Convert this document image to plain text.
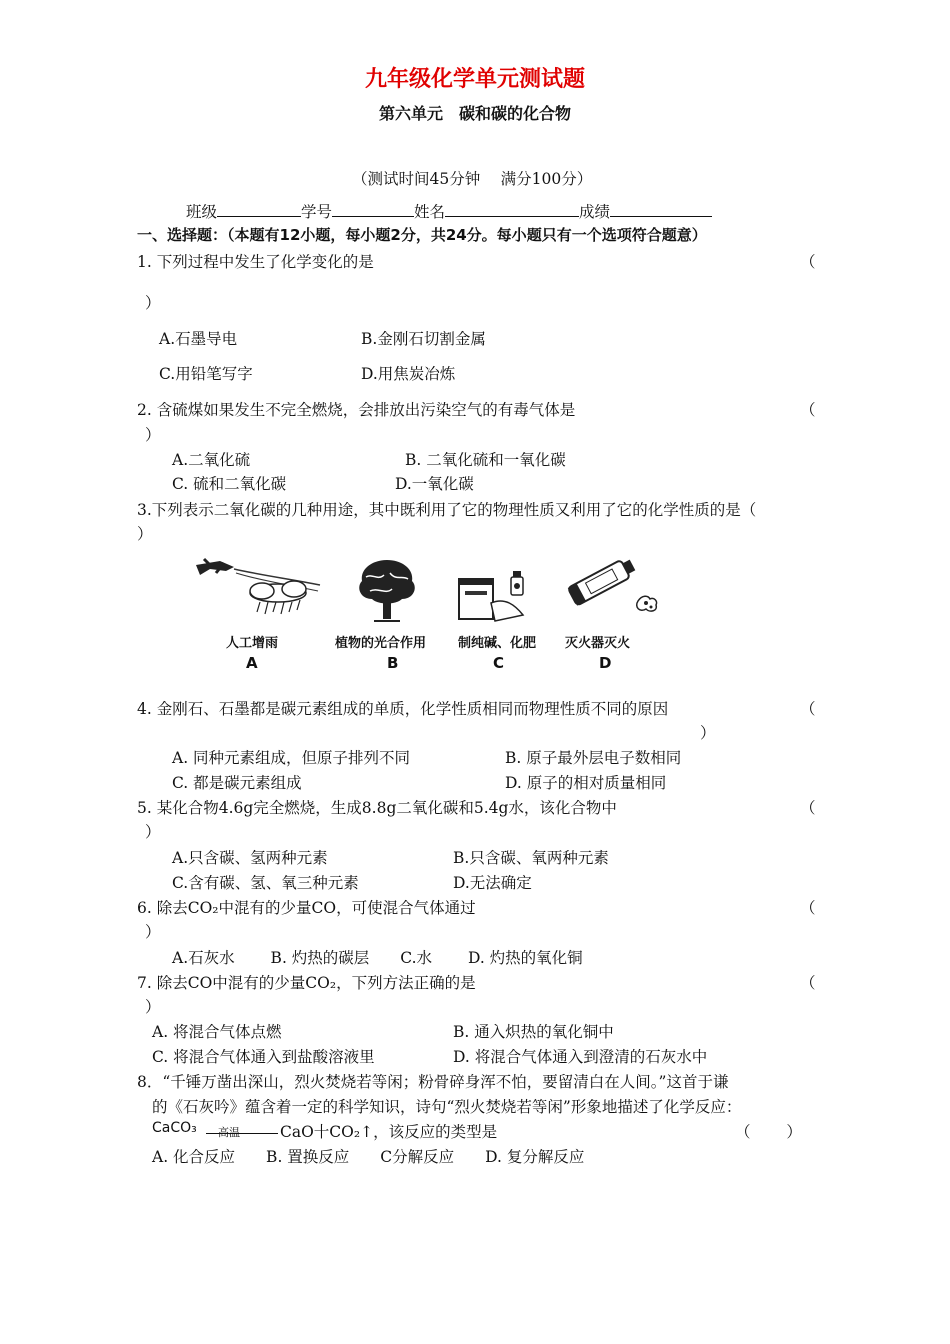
九年级化学单元测试题
第六单元　碳和碳的化合物
（测试时间45分钟　 满分100分）
班级	学号	姓名	成绩
一、选择题：（本题有12小题，每小题2分，共24分。每小题只有一个选项符合题意）
1. 下列过程中发生了化学变化的是	（
）
A.石墨导电	B.金刚石切割金属
C.用铅笔写字	D.用焦炭冶炼
2. 含硫煤如果发生不完全燃烧，会排放出污染空气的有毒气体是	（
）
A.二氧化硫	B. 二氧化硫和一氧化碳
C. 硫和二氧化碳	D.一氧化碳
3.下列表示二氧化碳的几种用途，其中既利用了它的物理性质又利用了它的化学性质的是（
）
人工增雨	植物的光合作用 制纯碱、化肥 灭火器灭火
A	B	C	D
4. 金刚石、石墨都是碳元素组成的单质，化学性质相同而物理性质不同的原因	（
）
A. 同种元素组成，但原子排列不同	B. 原子最外层电子数相同
C. 都是碳元素组成	D. 原子的相对质量相同
5. 某化合物4.6g完全燃烧，生成8.8g二氧化碳和5.4g水，该化合物中	（
）
A.只含碳、氢两种元素	B.只含碳、氧两种元素
C.含有碳、氢、氧三种元素	D.无法确定
6. 除去CO₂中混有的少量CO，可使混合气体通过	（
）
A.石灰水　　 B. 灼热的碳层　　C.水　　 D. 灼热的氧化铜
7. 除去CO中混有的少量CO₂，下列方法正确的是	（
）
A. 将混合气体点燃	B. 通入炽热的氧化铜中
C. 将混合气体通入到盐酸溶液里	D. 将混合气体通入到澄清的石灰水中
8．“千锤万凿出深山，烈火焚烧若等闲；粉骨碎身浑不怕，要留清白在人间。”这首于谦
的《石灰吟》蕴含着一定的科学知识，诗句“烈火焚烧若等闲”形象地描述了化学反应：
CaCO₃ 高温	CaO十CO₂↑，该反应的类型是	（　　 ）
A. 化合反应　　B. 置换反应　　C分解反应　　D. 复分解反应
